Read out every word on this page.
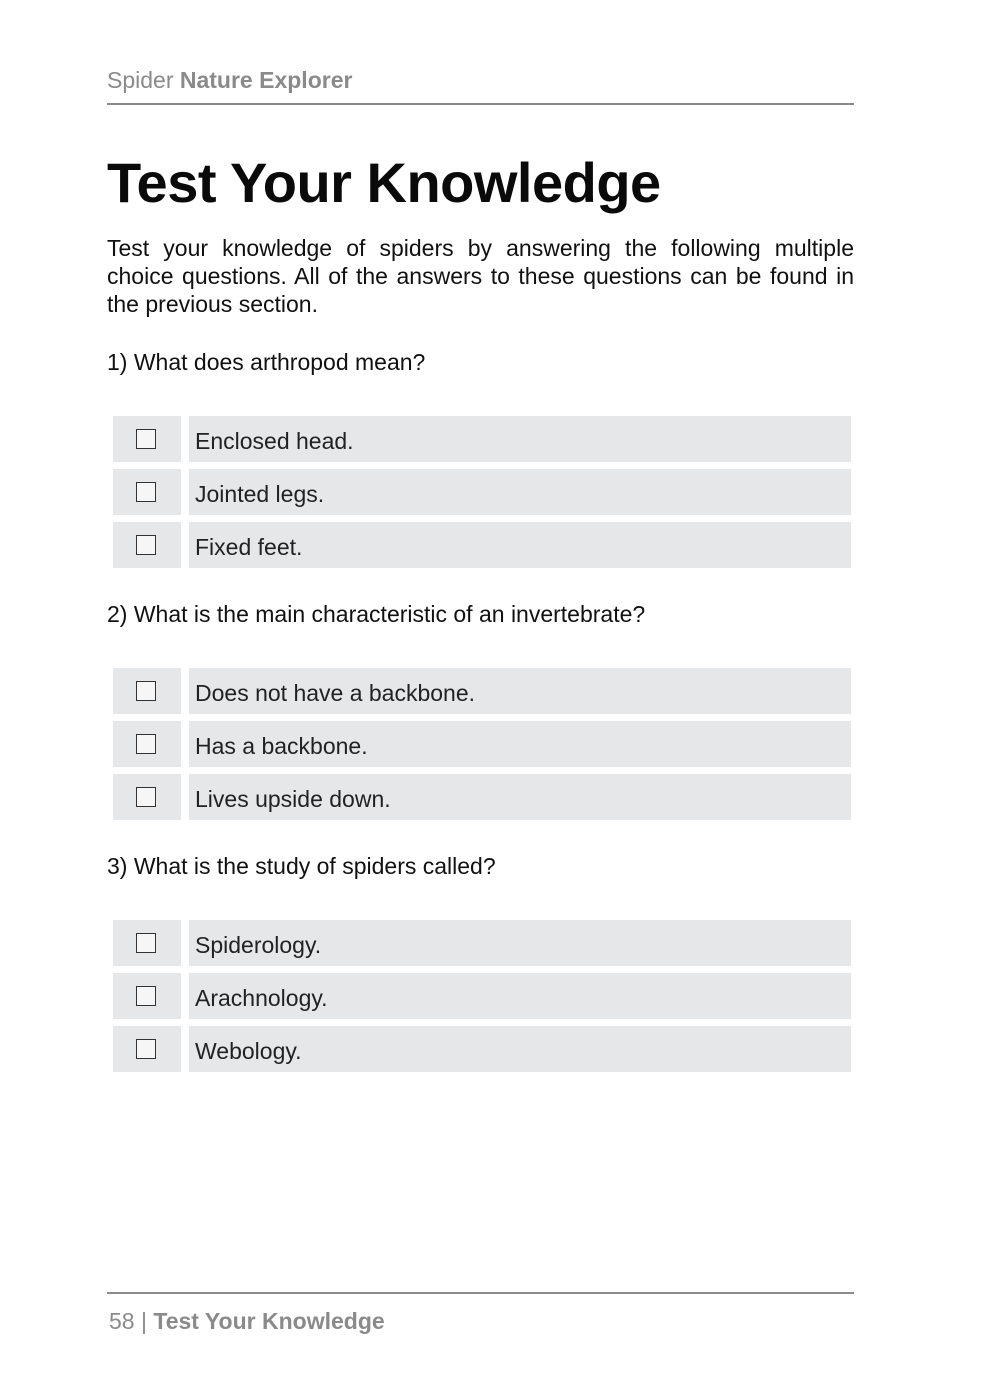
Spider Nature Explorer
Test Your Knowledge

Test your knowledge of spiders by answering the following multiple choice questions. All of the answers to these questions can be found in the previous section.

1) What does arthropod mean?

Enclosed head.
Jointed legs.
Fixed feet.

2) What is the main characteristic of an invertebrate?

Does not have a backbone.
Has a backbone.
Lives upside down.

3) What is the study of spiders called?

Spiderology.
Arachnology.
Webology.
58 | Test Your Knowledge
